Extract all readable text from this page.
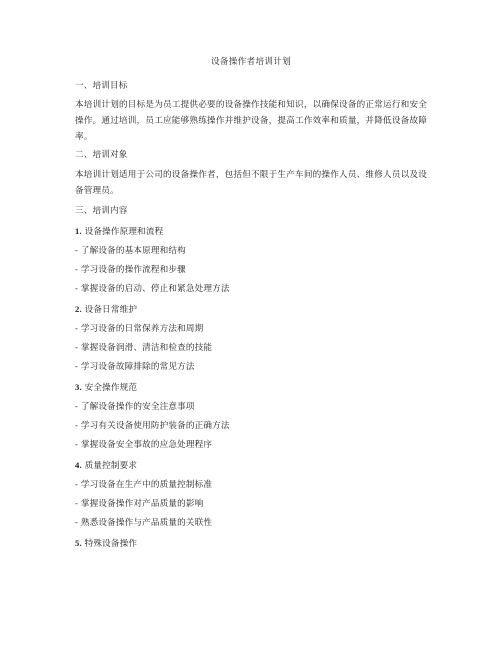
设备操作者培训计划
一、培训目标
本培训计划的目标是为员工提供必要的设备操作技能和知识，以确保设备的正常运行和安全操作。通过培训，员工应能够熟练操作并维护设备，提高工作效率和质量，并降低设备故障率。
二、培训对象
本培训计划适用于公司的设备操作者，包括但不限于生产车间的操作人员、维修人员以及设备管理员。
三、培训内容
1. 设备操作原理和流程
- 了解设备的基本原理和结构
- 学习设备的操作流程和步骤
- 掌握设备的启动、停止和紧急处理方法
2. 设备日常维护
- 学习设备的日常保养方法和周期
- 掌握设备润滑、清洁和检查的技能
- 学习设备故障排除的常见方法
3. 安全操作规范
- 了解设备操作的安全注意事项
- 学习有关设备使用防护装备的正确方法
- 掌握设备安全事故的应急处理程序
4. 质量控制要求
- 学习设备在生产中的质量控制标准
- 掌握设备操作对产品质量的影响
- 熟悉设备操作与产品质量的关联性
5. 特殊设备操作
